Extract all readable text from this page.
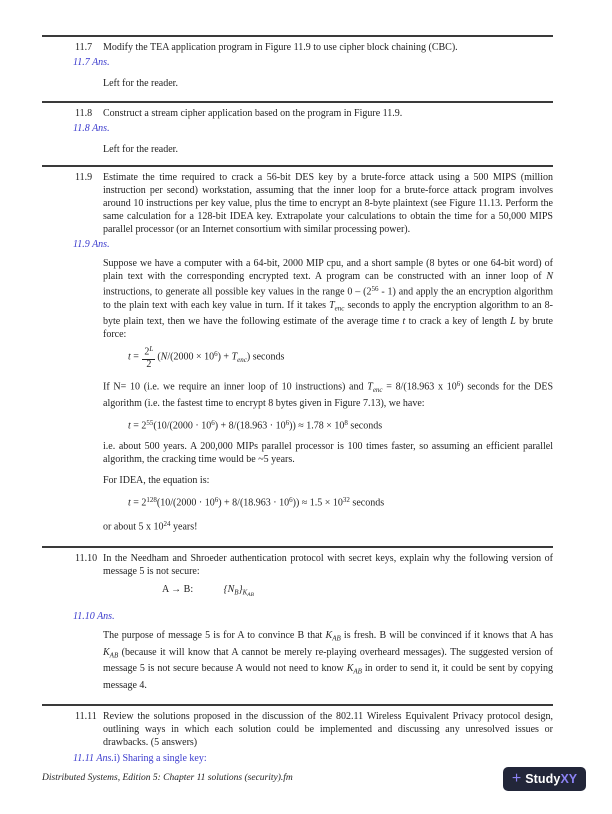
11.7	Modify the TEA application program in Figure 11.9 to use cipher block chaining (CBC).
11.7 Ans.

Left for the reader.

11.8	Construct a stream cipher application based on the program in Figure 11.9.
11.8 Ans.

Left for the reader.

11.9	Estimate the time required to crack a 56-bit DES key by a brute-force attack using a 500 MIPS (million instruction per second) workstation, assuming that the inner loop for a brute-force attack program involves around 10 instructions per key value, plus the time to encrypt an 8-byte plaintext (see Figure 11.13. Perform the same calculation for a 128-bit IDEA key. Extrapolate your calculations to obtain the time for a 50,000 MIPS parallel processor (or an Internet consortium with similar processing power).
11.9 Ans.

Suppose we have a computer with a 64-bit, 2000 MIP cpu, and a short sample (8 bytes or one 64-bit word) of plain text with the corresponding encrypted text. A program can be constructed with an inner loop of N instructions, to generate all possible key values in the range $0 - (2^{56} - 1)$ and apply the an encryption algorithm to the plain text with each key value in turn. If it takes $T_{enc}$ seconds to apply the encryption algorithm to an 8-byte plain text, then we have the following estimate of the average time t to crack a key of length L by brute force:

$t = \frac{2^L}{2} (N/(2000 \times 10^6) + T_{enc})$ seconds

If N= 10 (i.e. we require an inner loop of 10 instructions) and $T_{enc} = 8/(18.963$ x $10^6$) seconds for the DES algorithm (i.e. the fastest time to encrypt 8 bytes given in Figure 7.13), we have:

$t = 2^{55}(10/(2000 \cdot 10^6) + 8/(18.963 \cdot 10^6)) \approx 1.78 \times 10^8$ seconds

i.e. about 500 years. A 200,000 MIPs parallel processor is 100 times faster, so assuming an efficient parallel algorithm, the cracking time would be ~5 years.

For IDEA, the equation is:

$t = 2^{128}(10/(2000 \cdot 10^6) + 8/(18.963 \cdot 10^6)) \approx 1.5 \times 10^{32}$ seconds

or about 5 x $10^{24}$ years!

11.10 In the Needham and Shroeder authentication protocol with secret keys, explain why the following version of message 5 is not secure:
A → B:	$\{N_B\}_{KAB}$
11.10 Ans.

The purpose of message 5 is for A to convince B that $K_{AB}$ is fresh. B will be convinced if it knows that A has $K_{AB}$ (because it will know that A cannot be merely re-playing overheard messages). The suggested version of message 5 is not secure because A would not need to know $K_{AB}$ in order to send it, it could be sent by copying message 4.

11.11 Review the solutions proposed in the discussion of the 802.11 Wireless Equivalent Privacy protocol design, outlining ways in which each solution could be implemented and discussing any unresolved issues or drawbacks. (5 answers)
11.11 Ans.i) Sharing a single key:
Distributed Systems, Edition 5: Chapter 11 solutions (security).fm	+ Study XY
